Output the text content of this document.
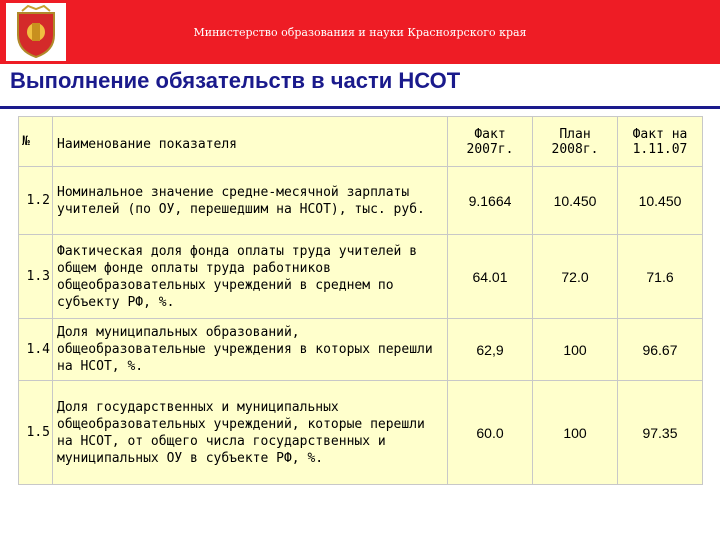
Министерство образования и науки Красноярского края
Выполнение обязательств в части НСОТ
№	Наименование показателя	Факт 2007г.	План 2008г.	Факт на 1.11.07
1.2	Номинальное значение средне-месячной зарплаты учителей (по ОУ, перешедшим на НСОТ), тыс. руб.	9.1664	10.450	10.450
1.3	Фактическая доля фонда оплаты труда учителей в общем фонде оплаты труда работников общеобразовательных учреждений в среднем по субъекту РФ, %.	64.01	72.0	71.6
1.4	Доля муниципальных образований, общеобразовательные учреждения в которых перешли на НСОТ, %.	62,9	100	96.67
1.5	Доля государственных и муниципальных общеобразовательных учреждений, которые перешли на НСОТ, от общего числа государственных и муниципальных ОУ в субъекте РФ, %.	60.0	100	97.35
